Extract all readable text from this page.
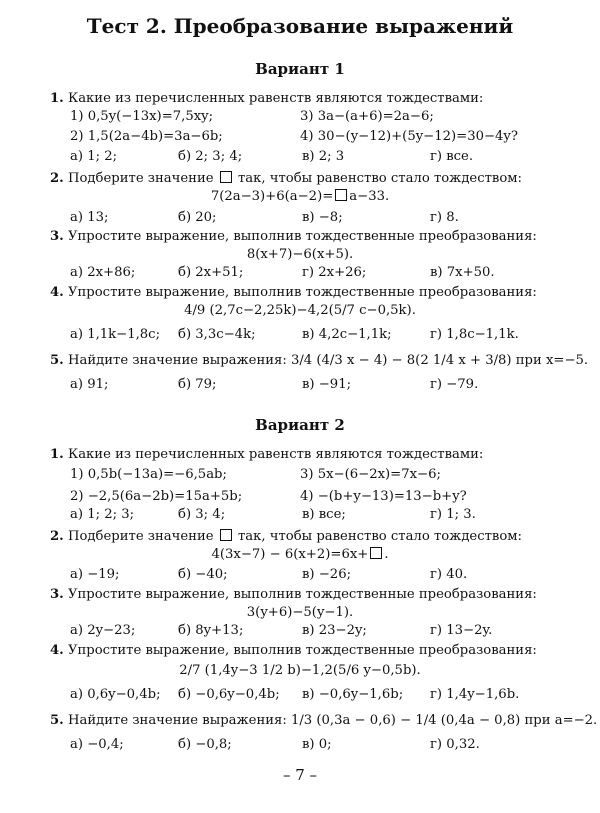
Тест 2. Преобразование выражений
Вариант 1
1. Какие из перечисленных равенств являются тождествами:
1) 0,5y(−13x)=7,5xy;	3) 3a−(a+6)=2a−6;
2) 1,5(2a−4b)=3a−6b;	4) 30−(y−12)+(5y−12)=30−4y?
а) 1; 2;	б) 2; 3; 4;	в) 2; 3	г) все.
2. Подберите значение так, чтобы равенство стало тождеством:
7(2a−3)+6(a−2)= a−33.
а) 13;	б) 20;	в) −8;	г) 8.
3. Упростите выражение, выполнив тождественные преобразования:
8(x+7)−6(x+5).
а) 2x+86;	б) 2x+51;	г) 2x+26;	в) 7x+50.
4. Упростите выражение, выполнив тождественные преобразования:
4/9 (2,7c−2,25k)−4,2(5/7 c−0,5k).
а) 1,1k−1,8c; б) 3,3c−4k;	в) 4,2c−1,1k;	г) 1,8c−1,1k.
5. Найдите значение выражения: 3/4 (4/3 x − 4) − 8(2 1/4 x + 3/8) при x=−5.
а) 91;	б) 79;	в) −91;	г) −79.
Вариант 2
1. Какие из перечисленных равенств являются тождествами:
1) 0,5b(−13a)=−6,5ab;	3) 5x−(6−2x)=7x−6;
2) −2,5(6a−2b)=15a+5b;	4) −(b+y−13)=13−b+y?
а) 1; 2; 3;	б) 3; 4;	в) все;	г) 1; 3.
2. Подберите значение так, чтобы равенство стало тождеством:
4(3x−7) − 6(x+2)=6x+ .
а) −19;	б) −40;	в) −26;	г) 40.
3. Упростите выражение, выполнив тождественные преобразования:
3(y+6)−5(y−1).
а) 2y−23;	б) 8y+13;	в) 23−2y;	г) 13−2y.
4. Упростите выражение, выполнив тождественные преобразования:
2/7 (1,4y−3 1/2 b)−1,2(5/6 y−0,5b).
а) 0,6y−0,4b; б) −0,6y−0,4b; в) −0,6y−1,6b; г) 1,4y−1,6b.
5. Найдите значение выражения: 1/3 (0,3a − 0,6) − 1/4 (0,4a − 0,8) при a=−2.
а) −0,4;	б) −0,8;	в) 0;	г) 0,32.
– 7 –
